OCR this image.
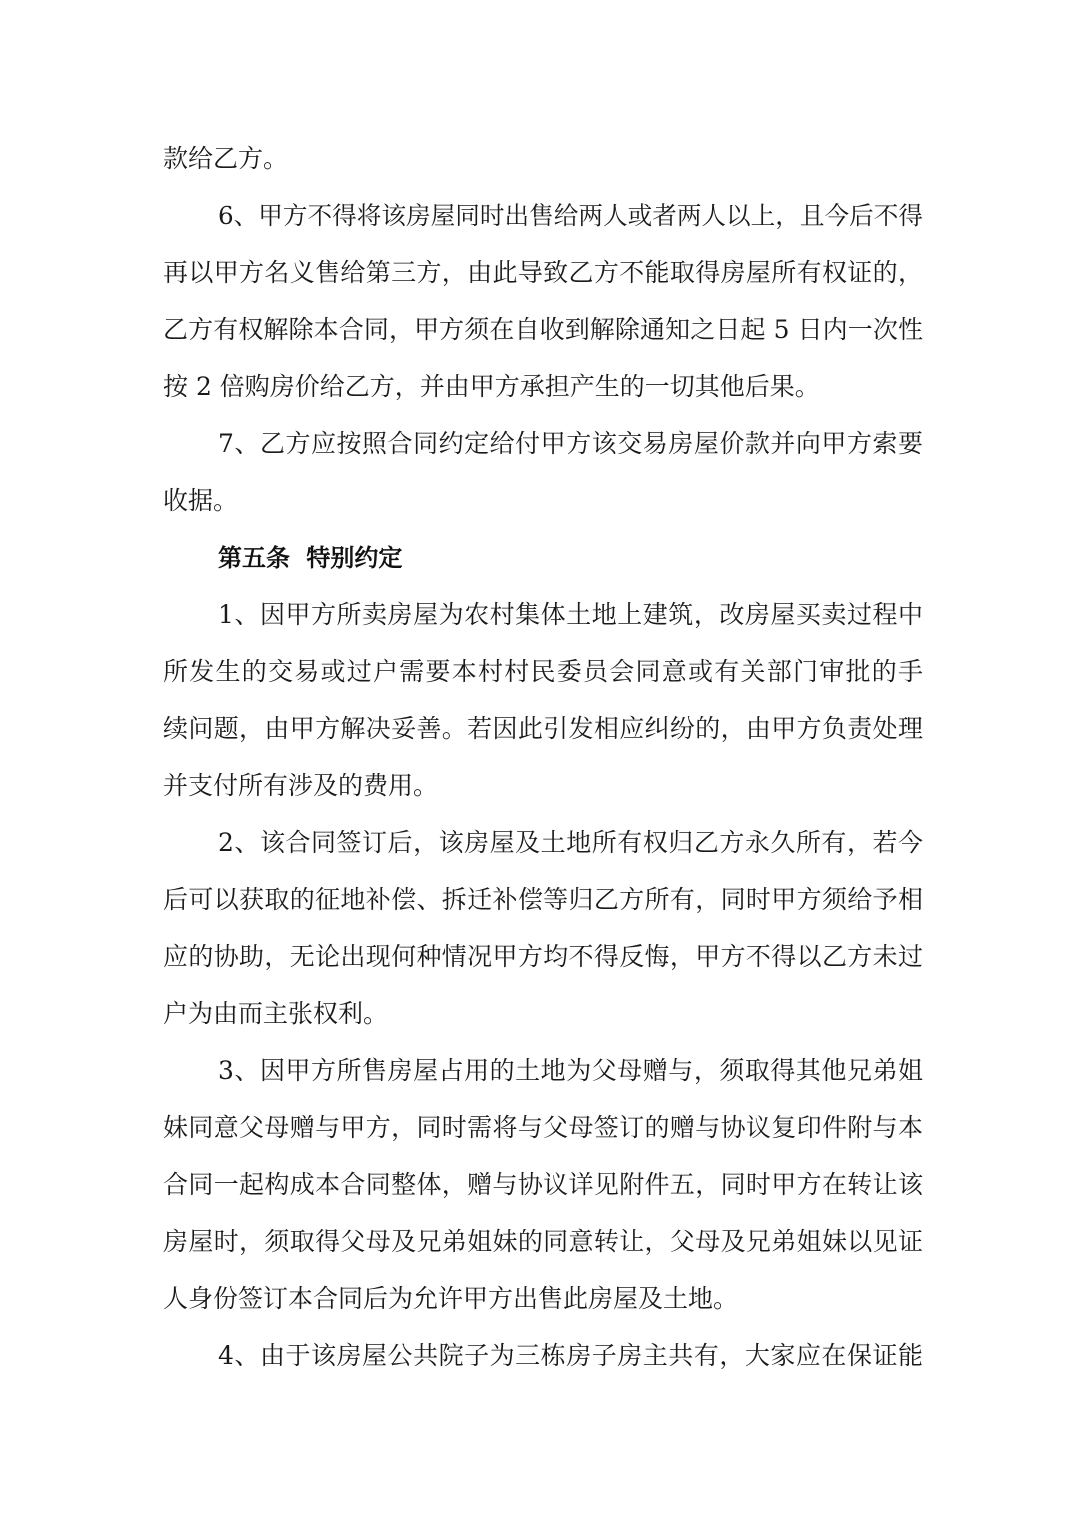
款给乙方。
6、甲方不得将该房屋同时出售给两人或者两人以上，且今后不得
再以甲方名义售给第三方，由此导致乙方不能取得房屋所有权证的，
乙方有权解除本合同，甲方须在自收到解除通知之日起 5 日内一次性
按 2 倍购房价给乙方，并由甲方承担产生的一切其他后果。
7、乙方应按照合同约定给付甲方该交易房屋价款并向甲方索要
收据。
第五条 特别约定
1、因甲方所卖房屋为农村集体土地上建筑，改房屋买卖过程中
所发生的交易或过户需要本村村民委员会同意或有关部门审批的手
续问题，由甲方解决妥善。若因此引发相应纠纷的，由甲方负责处理
并支付所有涉及的费用。
2、该合同签订后，该房屋及土地所有权归乙方永久所有，若今
后可以获取的征地补偿、拆迁补偿等归乙方所有，同时甲方须给予相
应的协助，无论出现何种情况甲方均不得反悔，甲方不得以乙方未过
户为由而主张权利。
3、因甲方所售房屋占用的土地为父母赠与，须取得其他兄弟姐
妹同意父母赠与甲方，同时需将与父母签订的赠与协议复印件附与本
合同一起构成本合同整体，赠与协议详见附件五，同时甲方在转让该
房屋时，须取得父母及兄弟姐妹的同意转让，父母及兄弟姐妹以见证
人身份签订本合同后为允许甲方出售此房屋及土地。
4、由于该房屋公共院子为三栋房子房主共有，大家应在保证能
